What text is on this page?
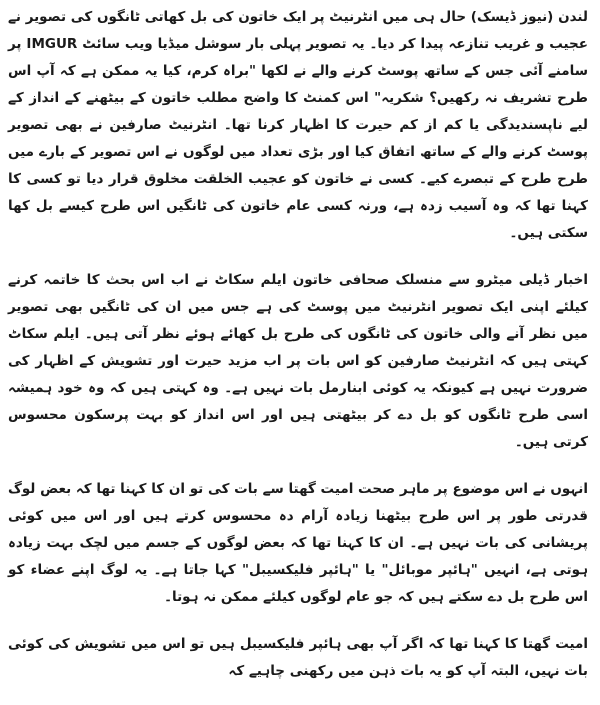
لندن (نیوز ڈیسک) حال ہی میں انٹرنیٹ پر ایک خاتون کی بل کھاتی ٹانگوں کی تصویر نے عجیب و غریب تنازعہ پیدا کر دیا۔ یہ تصویر پہلی بار سوشل میڈیا ویب سائٹ IMGUR پر سامنے آئی جس کے ساتھ پوسٹ کرنے والے نے لکھا "براہ کرم، کیا یہ ممکن ہے کہ آپ اس طرح تشریف نہ رکھیں؟ شکریہ" اس کمنٹ کا واضح مطلب خاتون کے بیٹھنے کے انداز کے لیے ناپسندیدگی یا کم از کم حیرت کا اظہار کرنا تھا۔ انٹرنیٹ صارفین نے بھی تصویر پوسٹ کرنے والے کے ساتھ اتفاق کیا اور بڑی تعداد میں لوگوں نے اس تصویر کے بارے میں طرح طرح کے تبصرے کیے۔ کسی نے خاتون کو عجیب الخلقت مخلوق قرار دیا تو کسی کا کہنا تھا کہ وہ آسیب زدہ ہے، ورنہ کسی عام خاتون کی ٹانگیں اس طرح کیسے بل کھا سکتی ہیں۔

اخبار ڈیلی میٹرو سے منسلک صحافی خاتون ایلم سکاٹ نے اب اس بحث کا خاتمہ کرنے کیلئے اپنی ایک تصویر انٹرنیٹ میں پوسٹ کی ہے جس میں ان کی ٹانگیں بھی تصویر میں نظر آنے والی خاتون کی ٹانگوں کی طرح بل کھائے ہوئے نظر آتی ہیں۔ ایلم سکاٹ کہتی ہیں کہ انٹرنیٹ صارفین کو اس بات پر اب مزید حیرت اور تشویش کے اظہار کی ضرورت نہیں ہے کیونکہ یہ کوئی ابنارمل بات نہیں ہے۔ وہ کہتی ہیں کہ وہ خود ہمیشہ اسی طرح ٹانگوں کو بل دے کر بیٹھتی ہیں اور اس انداز کو بہت پرسکون محسوس کرتی ہیں۔

انہوں نے اس موضوع پر ماہر صحت امیت گھتا سے بات کی تو ان کا کہنا تھا کہ بعض لوگ قدرتی طور پر اس طرح بیٹھنا زیادہ آرام دہ محسوس کرتے ہیں اور اس میں کوئی پریشانی کی بات نہیں ہے۔ ان کا کہنا تھا کہ بعض لوگوں کے جسم میں لچک بہت زیادہ ہوتی ہے، انہیں "ہائپر موبائل" یا "ہائپر فلیکسیبل" کہا جاتا ہے۔ یہ لوگ اپنے عضاء کو اس طرح بل دے سکتے ہیں کہ جو عام لوگوں کیلئے ممکن نہ ہوتا۔

امیت گھتا کا کہنا تھا کہ اگر آپ بھی ہائپر فلیکسیبل ہیں تو اس میں تشویش کی کوئی بات نہیں، البتہ آپ کو یہ بات ذہن میں رکھنی چاہیے کہ
